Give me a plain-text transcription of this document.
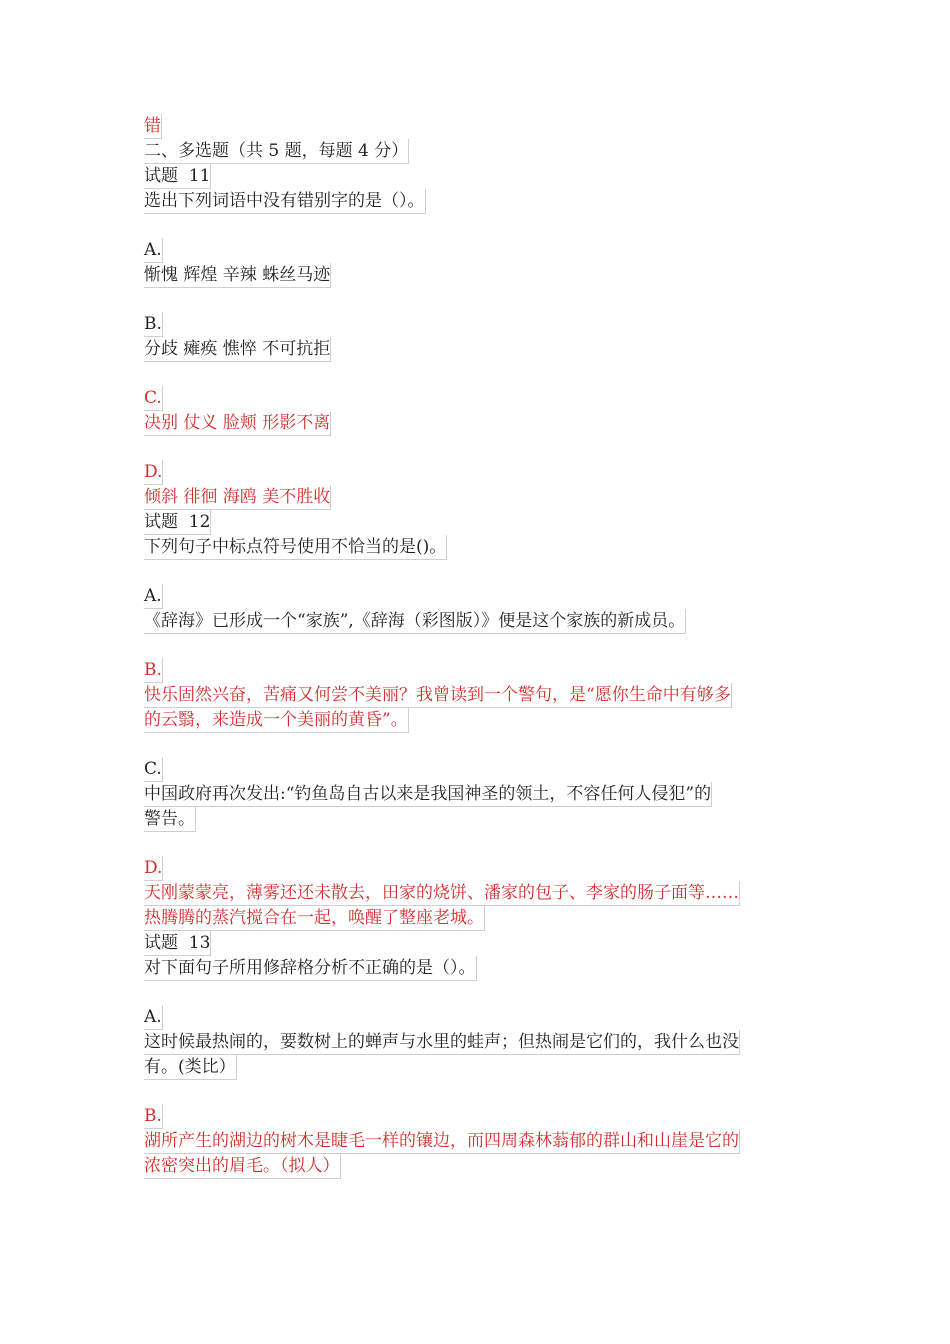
错
二、多选题（共 5 题，每题 4 分）
试题  11
选出下列词语中没有错别字的是（）。
A.
惭愧 辉煌 辛辣 蛛丝马迹
B.
分歧 瘫痪 憔悴 不可抗拒
C.
决别 仗义 脸颊 形影不离
D.
倾斜 徘徊 海鸥 美不胜收
试题  12
下列句子中标点符号使用不恰当的是()。
A.
《辞海》已形成一个“家族”,《辞海（彩图版）》便是这个家族的新成员。
B.
快乐固然兴奋，苦痛又何尝不美丽？我曾读到一个警句，是“愿你生命中有够多
的云翳，来造成一个美丽的黄昏”。
C.
中国政府再次发出:“钓鱼岛自古以来是我国神圣的领土，不容任何人侵犯”的
警告。
D.
天刚蒙蒙亮，薄雾还还未散去，田家的烧饼、潘家的包子、李家的肠子面等……
热腾腾的蒸汽搅合在一起，唤醒了整座老城。
试题  13
对下面句子所用修辞格分析不正确的是（）。
A.
这时候最热闹的，要数树上的蝉声与水里的蛙声；但热闹是它们的，我什么也没
有。(类比）
B.
湖所产生的湖边的树木是睫毛一样的镶边，而四周森林蓊郁的群山和山崖是它的
浓密突出的眉毛。（拟人）
